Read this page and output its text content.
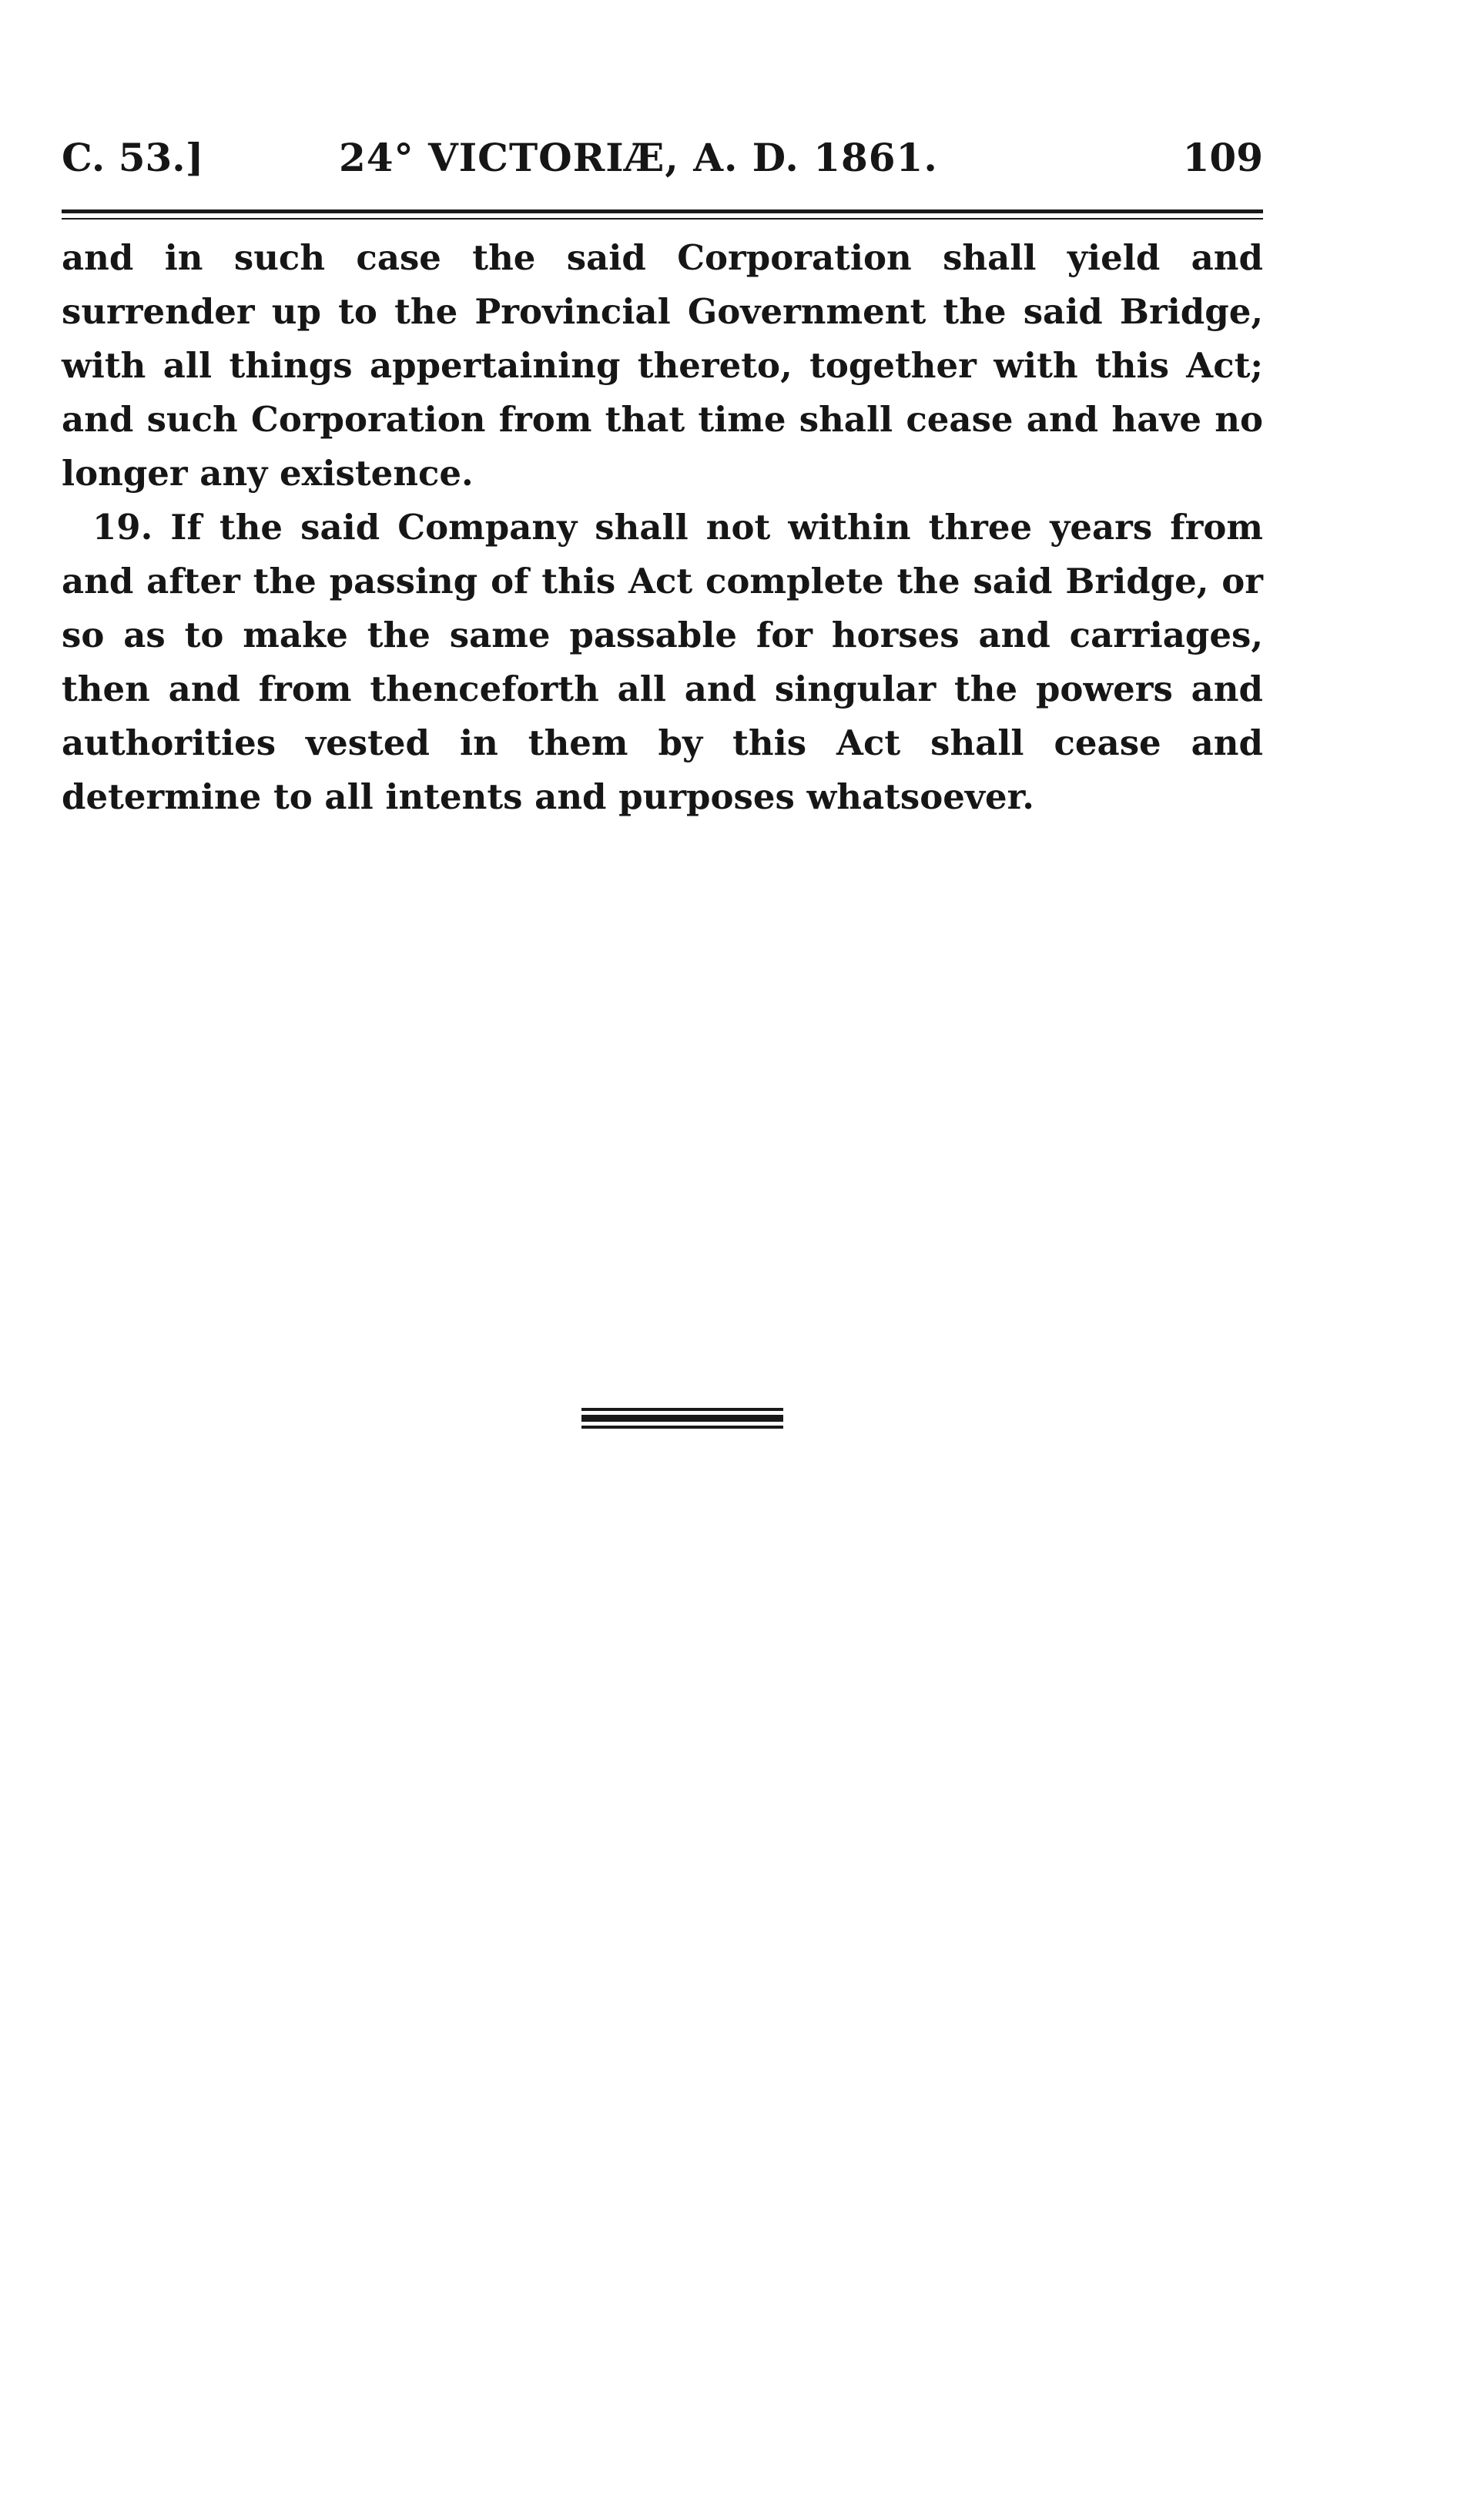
C. 53.]	24° VICTORIÆ, A. D. 1861.	109

and in such case the said Corporation shall yield and surrender up to the Provincial Government the said Bridge, with all things appertaining thereto, together with this Act; and such Corporation from that time shall cease and have no longer any existence.

19. If the said Company shall not within three years from and after the passing of this Act complete the said Bridge, or so as to make the same passable for horses and carriages, then and from thenceforth all and singular the powers and authorities vested in them by this Act shall cease and determine to all intents and purposes whatsoever.
